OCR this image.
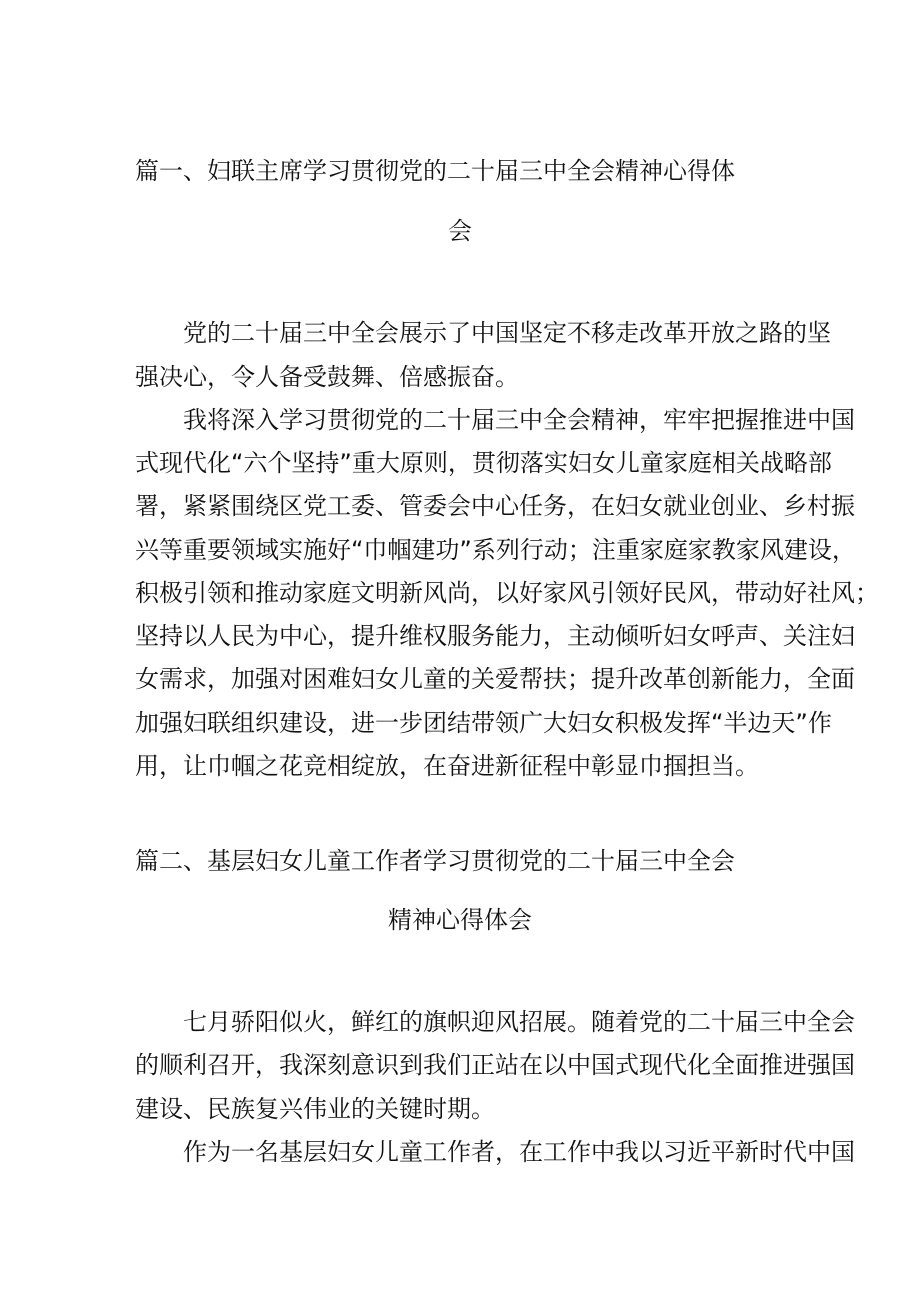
篇一、妇联主席学习贯彻党的二十届三中全会精神心得体
会
党的二十届三中全会展示了中国坚定不移走改革开放之路的坚
强决心，令人备受鼓舞、倍感振奋。
我将深入学习贯彻党的二十届三中全会精神，牢牢把握推进中国
式现代化“六个坚持”重大原则，贯彻落实妇女儿童家庭相关战略部
署，紧紧围绕区党工委、管委会中心任务，在妇女就业创业、乡村振
兴等重要领域实施好“巾帼建功”系列行动；注重家庭家教家风建设，
积极引领和推动家庭文明新风尚，以好家风引领好民风，带动好社风；
坚持以人民为中心，提升维权服务能力，主动倾听妇女呼声、关注妇
女需求，加强对困难妇女儿童的关爱帮扶；提升改革创新能力，全面
加强妇联组织建设，进一步团结带领广大妇女积极发挥“半边天”作
用，让巾帼之花竞相绽放，在奋进新征程中彰显巾掴担当。
篇二、基层妇女儿童工作者学习贯彻党的二十届三中全会
精神心得体会
七月骄阳似火，鲜红的旗帜迎风招展。随着党的二十届三中全会
的顺利召开，我深刻意识到我们正站在以中国式现代化全面推进强国
建设、民族复兴伟业的关键时期。
作为一名基层妇女儿童工作者，在工作中我以习近平新时代中国
